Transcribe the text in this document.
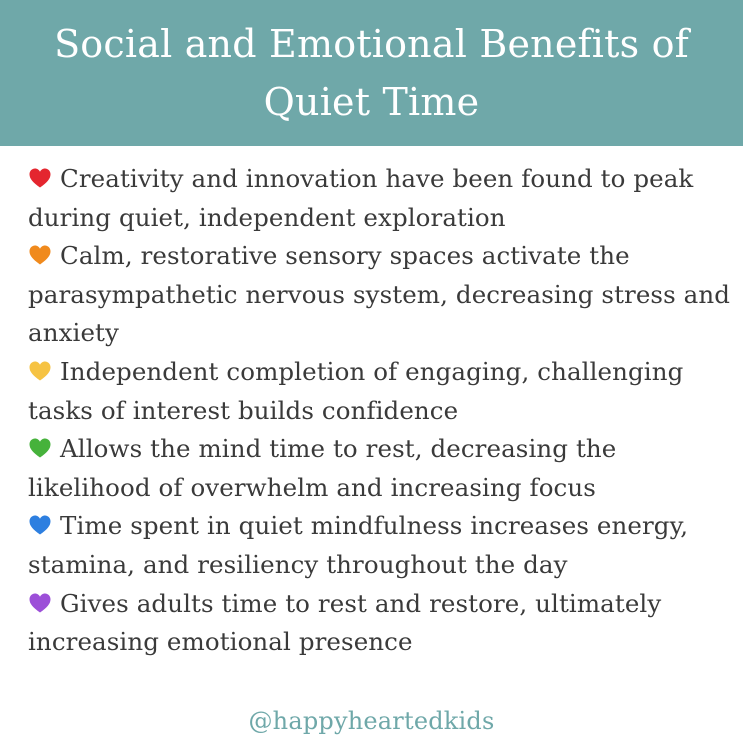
Social and Emotional Benefits of Quiet Time
Creativity and innovation have been found to peak during quiet, independent exploration
Calm, restorative sensory spaces activate the parasympathetic nervous system, decreasing stress and anxiety
Independent completion of engaging, challenging tasks of interest builds confidence
Allows the mind time to rest, decreasing the likelihood of overwhelm and increasing focus
Time spent in quiet mindfulness increases energy, stamina, and resiliency throughout the day
Gives adults time to rest and restore, ultimately increasing emotional presence
@happyheartedkids
